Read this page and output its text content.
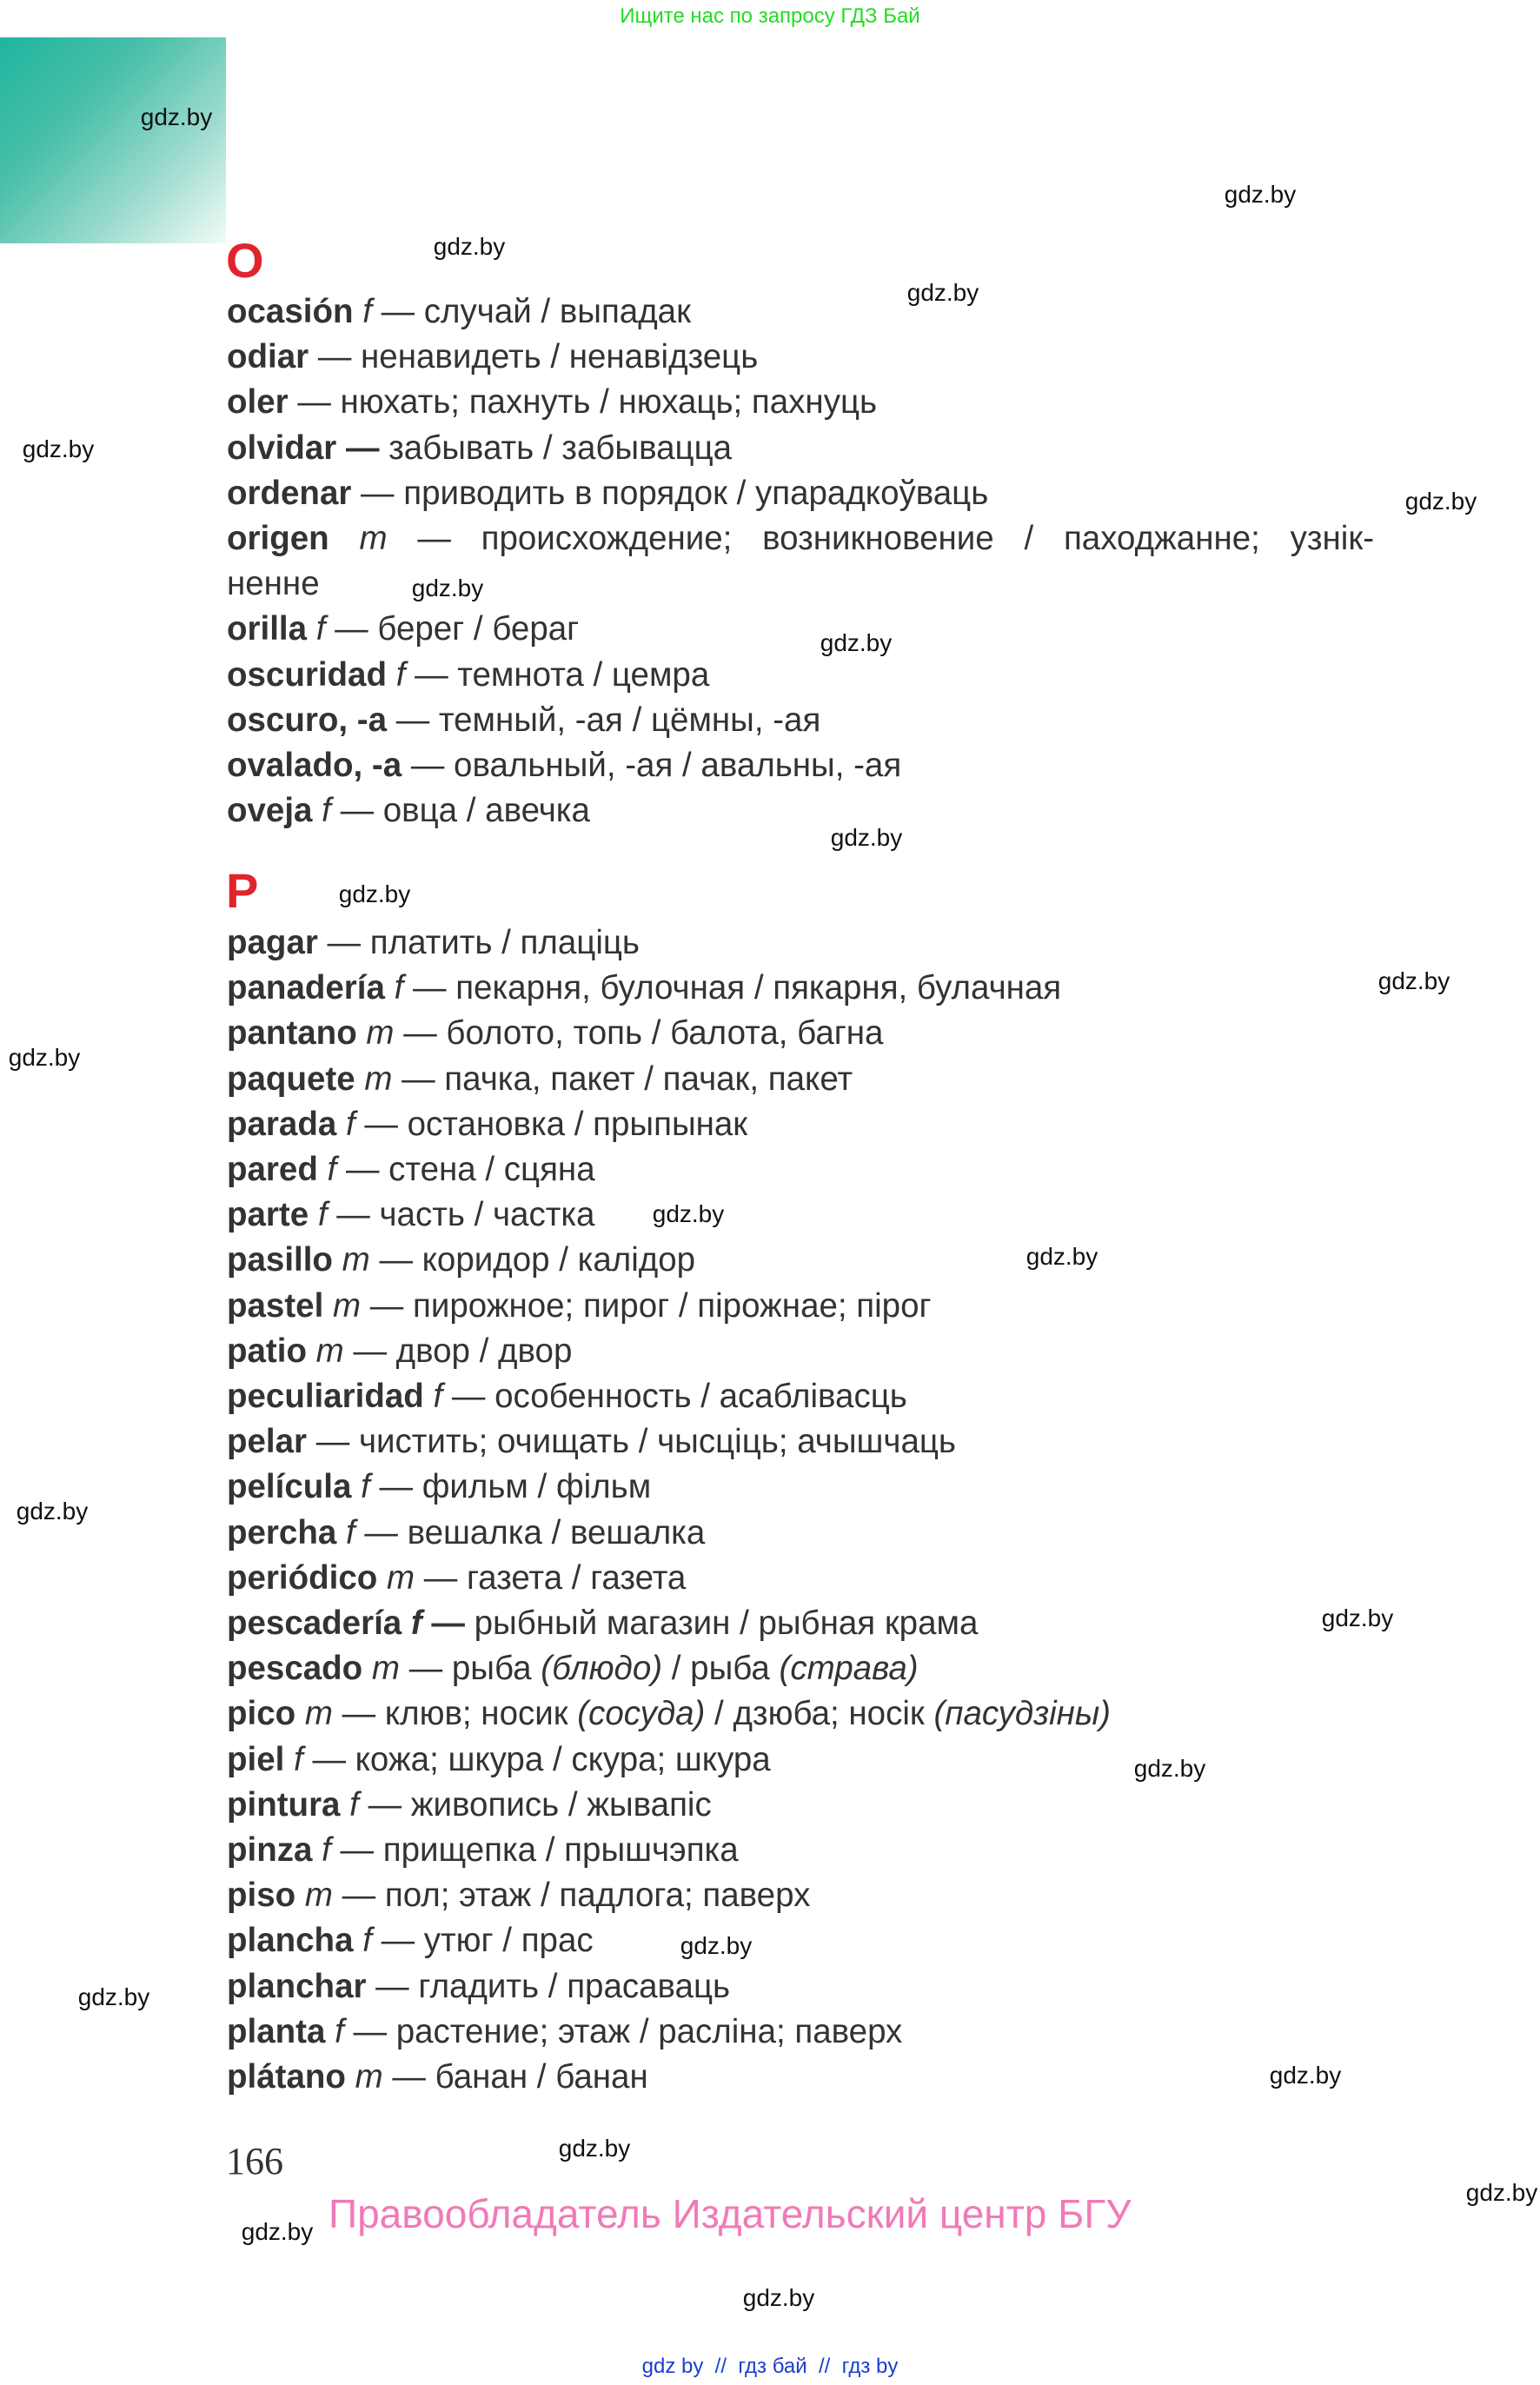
Ищите нас по запросу ГДЗ Бай
gdz.by
gdz.by
gdz.by
gdz.by
gdz.by
gdz.by
gdz.by
gdz.by
gdz.by
gdz.by
gdz.by
gdz.by
gdz.by
gdz.by
gdz.by
gdz.by
gdz.by
gdz.by
gdz.by
gdz.by
gdz.by
gdz.by
gdz.by
gdz.by
O
ocasión f — случай / выпадак
odiar — ненавидеть / ненавідзець
oler — нюхать; пахнуть / нюхаць; пахнуць
olvidar — забывать / забывацца
ordenar — приводить в порядок / упарадкоўваць
origen m — происхождение; возникновение / паходжанне; узнік-
ненне
orilla f — берег / бераг
oscuridad f — темнота / цемра
oscuro, -a — темный, -ая / цёмны, -ая
ovalado, -a — овальный, -ая / авальны, -ая
oveja f — овца / авечка
P
pagar — платить / плаціць
panadería f — пекарня, булочная / пякарня, булачная
pantano m — болото, топь / балота, багна
paquete m — пачка, пакет / пачак, пакет
parada f — остановка / прыпынак
pared f — стена / сцяна
parte f — часть / частка
pasillo m — коридор / калідор
pastel m — пирожное; пирог / пірожнае; пірог
patio m — двор / двор
peculiaridad f — особенность / асаблівасць
pelar — чистить; очищать / чысціць; ачышчаць
película f — фильм / фільм
percha f — вешалка / вешалка
periódico m — газета / газета
pescadería f — рыбный магазин / рыбная крама
pescado m — рыба (блюдо) / рыба (страва)
pico m — клюв; носик (сосуда) / дзюба; носік (пасудзіны)
piel f — кожа; шкура / скура; шкура
pintura f — живопись / жывапіс
pinza f — прищепка / прышчэпка
piso m — пол; этаж / падлога; паверх
plancha f — утюг / прас
planchar — гладить / прасаваць
planta f — растение; этаж / расліна; паверх
plátano m — банан / банан
166
Правообладатель Издательский центр БГУ
gdz by  //  гдз бай  //  гдз by
